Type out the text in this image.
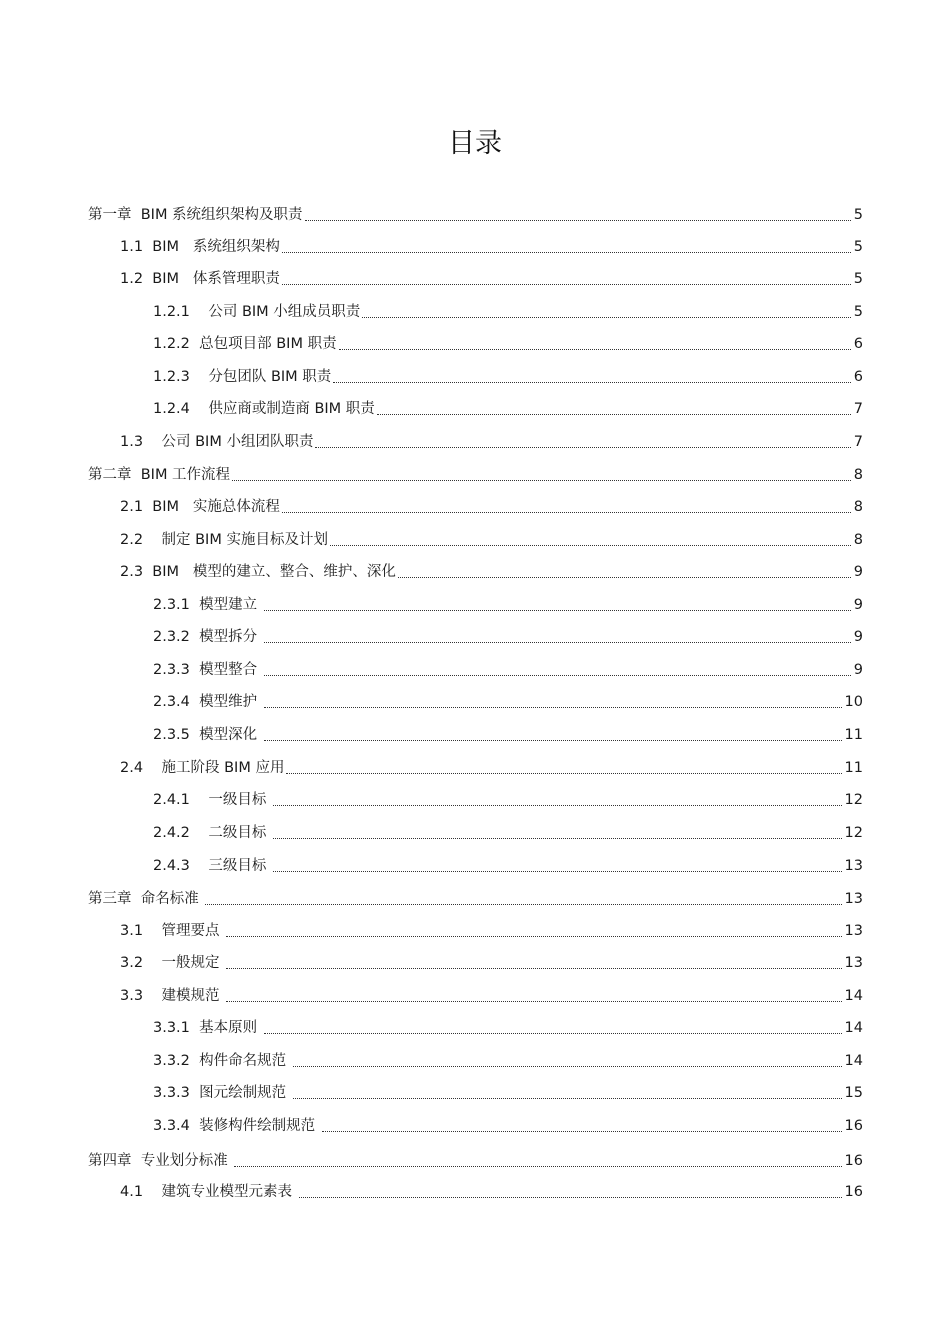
目录
第一章  BIM 系统组织架构及职责	5
1.1  BIM   系统组织架构	5
1.2  BIM   体系管理职责	5
1.2.1    公司 BIM 小组成员职责	5
1.2.2  总包项目部 BIM 职责	6
1.2.3    分包团队 BIM 职责	6
1.2.4    供应商或制造商 BIM 职责	7
1.3    公司 BIM 小组团队职责	7
第二章  BIM 工作流程	8
2.1  BIM   实施总体流程	8
2.2    制定 BIM 实施目标及计划	8
2.3  BIM   模型的建立、整合、维护、深化	9
2.3.1  模型建立	9
2.3.2  模型拆分	9
2.3.3  模型整合	9
2.3.4  模型维护	10
2.3.5  模型深化	11
2.4    施工阶段 BIM 应用	11
2.4.1    一级目标	12
2.4.2    二级目标	12
2.4.3    三级目标	13
第三章  命名标准	13
3.1    管理要点	13
3.2    一般规定	13
3.3    建模规范	14
3.3.1  基本原则	14
3.3.2  构件命名规范	14
3.3.3  图元绘制规范	15
3.3.4  装修构件绘制规范	16
第四章  专业划分标准	16
4.1    建筑专业模型元素表	16
